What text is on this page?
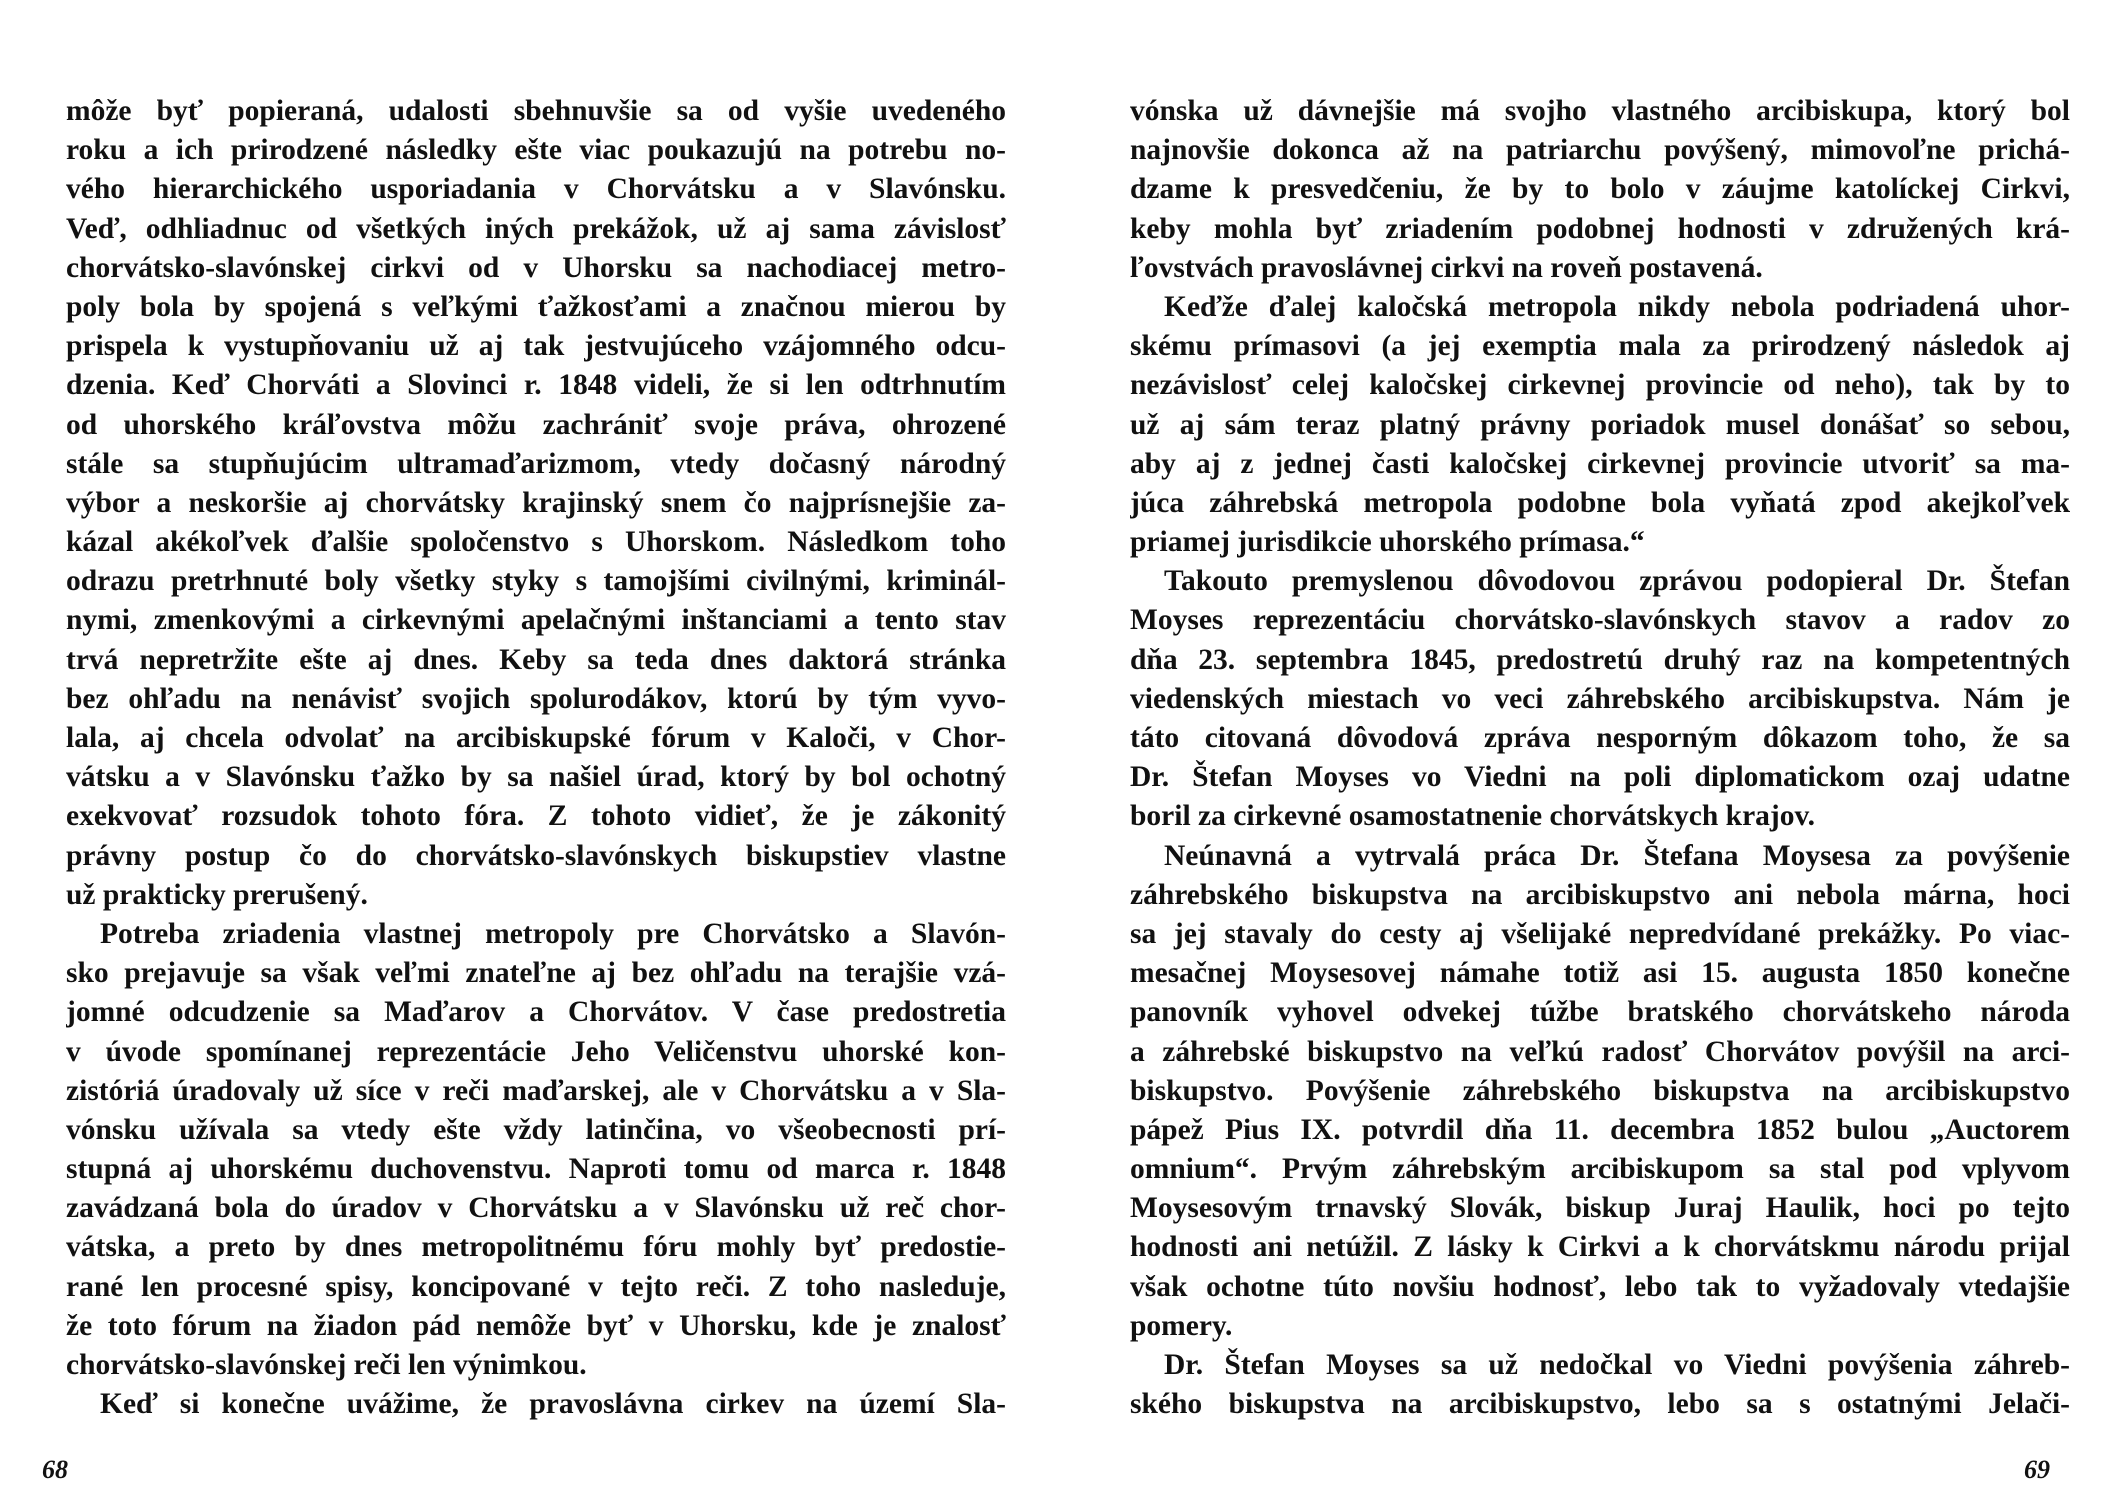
môže byť popieraná, udalosti sbehnuvšie sa od vyšie uvedeného
roku a ich prirodzené následky ešte viac poukazujú na potrebu no-
vého hierarchického usporiadania v Chorvátsku a v Slavónsku.
Veď, odhliadnuc od všetkých iných prekážok, už aj sama závislosť
chorvátsko-slavónskej cirkvi od v Uhorsku sa nachodiacej metro-
poly bola by spojená s veľkými ťažkosťami a značnou mierou by
prispela k vystupňovaniu už aj tak jestvujúceho vzájomného odcu-
dzenia. Keď Chorváti a Slovinci r. 1848 videli, že si len odtrhnutím
od uhorského kráľovstva môžu zachrániť svoje práva, ohrozené
stále sa stupňujúcim ultramaďarizmom, vtedy dočasný národný
výbor a neskoršie aj chorvátsky krajinský snem čo najprísnejšie za-
kázal akékoľvek ďalšie spoločenstvo s Uhorskom. Následkom toho
odrazu pretrhnuté boly všetky styky s tamojšími civilnými, kriminál-
nymi, zmenkovými a cirkevnými apelačnými inštanciami a tento stav
trvá nepretržite ešte aj dnes. Keby sa teda dnes daktorá stránka
bez ohľadu na nenávisť svojich spolurodákov, ktorú by tým vyvo-
lala, aj chcela odvolať na arcibiskupské fórum v Kaloči, v Chor-
vátsku a v Slavónsku ťažko by sa našiel úrad, ktorý by bol ochotný
exekvovať rozsudok tohoto fóra. Z tohoto vidieť, že je zákonitý
právny postup čo do chorvátsko-slavónskych biskupstiev vlastne
už prakticky prerušený.
Potreba zriadenia vlastnej metropoly pre Chorvátsko a Slavón-
sko prejavuje sa však veľmi znateľne aj bez ohľadu na terajšie vzá-
jomné odcudzenie sa Maďarov a Chorvátov. V čase predostretia
v úvode spomínanej reprezentácie Jeho Veličenstvu uhorské kon-
zistóriá úradovaly už síce v reči maďarskej, ale v Chorvátsku a v Sla-
vónsku užívala sa vtedy ešte vždy latinčina, vo všeobecnosti prí-
stupná aj uhorskému duchovenstvu. Naproti tomu od marca r. 1848
zavádzaná bola do úradov v Chorvátsku a v Slavónsku už reč chor-
vátska, a preto by dnes metropolitnému fóru mohly byť predostie-
rané len procesné spisy, koncipované v tejto reči. Z toho nasleduje,
že toto fórum na žiadon pád nemôže byť v Uhorsku, kde je znalosť
chorvátsko-slavónskej reči len výnimkou.
Keď si konečne uvážime, že pravoslávna cirkev na území Sla-
68
vónska už dávnejšie má svojho vlastného arcibiskupa, ktorý bol
najnovšie dokonca až na patriarchu povýšený, mimovoľne prichá-
dzame k presvedčeniu, že by to bolo v záujme katolíckej Cirkvi,
keby mohla byť zriadením podobnej hodnosti v združených krá-
ľovstvách pravoslávnej cirkvi na roveň postavená.
Keďže ďalej kaločská metropola nikdy nebola podriadená uhor-
skému prímasovi (a jej exemptia mala za prirodzený následok aj
nezávislosť celej kaločskej cirkevnej provincie od neho), tak by to
už aj sám teraz platný právny poriadok musel donášať so sebou,
aby aj z jednej časti kaločskej cirkevnej provincie utvoriť sa ma-
júca záhrebská metropola podobne bola vyňatá zpod akejkoľvek
priamej jurisdikcie uhorského prímasa.“
Takouto premyslenou dôvodovou zprávou podopieral Dr. Štefan
Moyses reprezentáciu chorvátsko-slavónskych stavov a radov zo
dňa 23. septembra 1845, predostretú druhý raz na kompetentných
viedenských miestach vo veci záhrebského arcibiskupstva. Nám je
táto citovaná dôvodová zpráva nesporným dôkazom toho, že sa
Dr. Štefan Moyses vo Viedni na poli diplomatickom ozaj udatne
boril za cirkevné osamostatnenie chorvátskych krajov.
Neúnavná a vytrvalá práca Dr. Štefana Moysesa za povýšenie
záhrebského biskupstva na arcibiskupstvo ani nebola márna, hoci
sa jej stavaly do cesty aj všelijaké nepredvídané prekážky. Po viac-
mesačnej Moysesovej námahe totiž asi 15. augusta 1850 konečne
panovník vyhovel odvekej túžbe bratského chorvátskeho národa
a záhrebské biskupstvo na veľkú radosť Chorvátov povýšil na arci-
biskupstvo. Povýšenie záhrebského biskupstva na arcibiskupstvo
pápež Pius IX. potvrdil dňa 11. decembra 1852 bulou „Auctorem
omnium“. Prvým záhrebským arcibiskupom sa stal pod vplyvom
Moysesovým trnavský Slovák, biskup Juraj Haulik, hoci po tejto
hodnosti ani netúžil. Z lásky k Cirkvi a k chorvátskmu národu prijal
však ochotne túto novšiu hodnosť, lebo tak to vyžadovaly vtedajšie
pomery.
Dr. Štefan Moyses sa už nedočkal vo Viedni povýšenia záhreb-
ského biskupstva na arcibiskupstvo, lebo sa s ostatnými Jelači-
69
